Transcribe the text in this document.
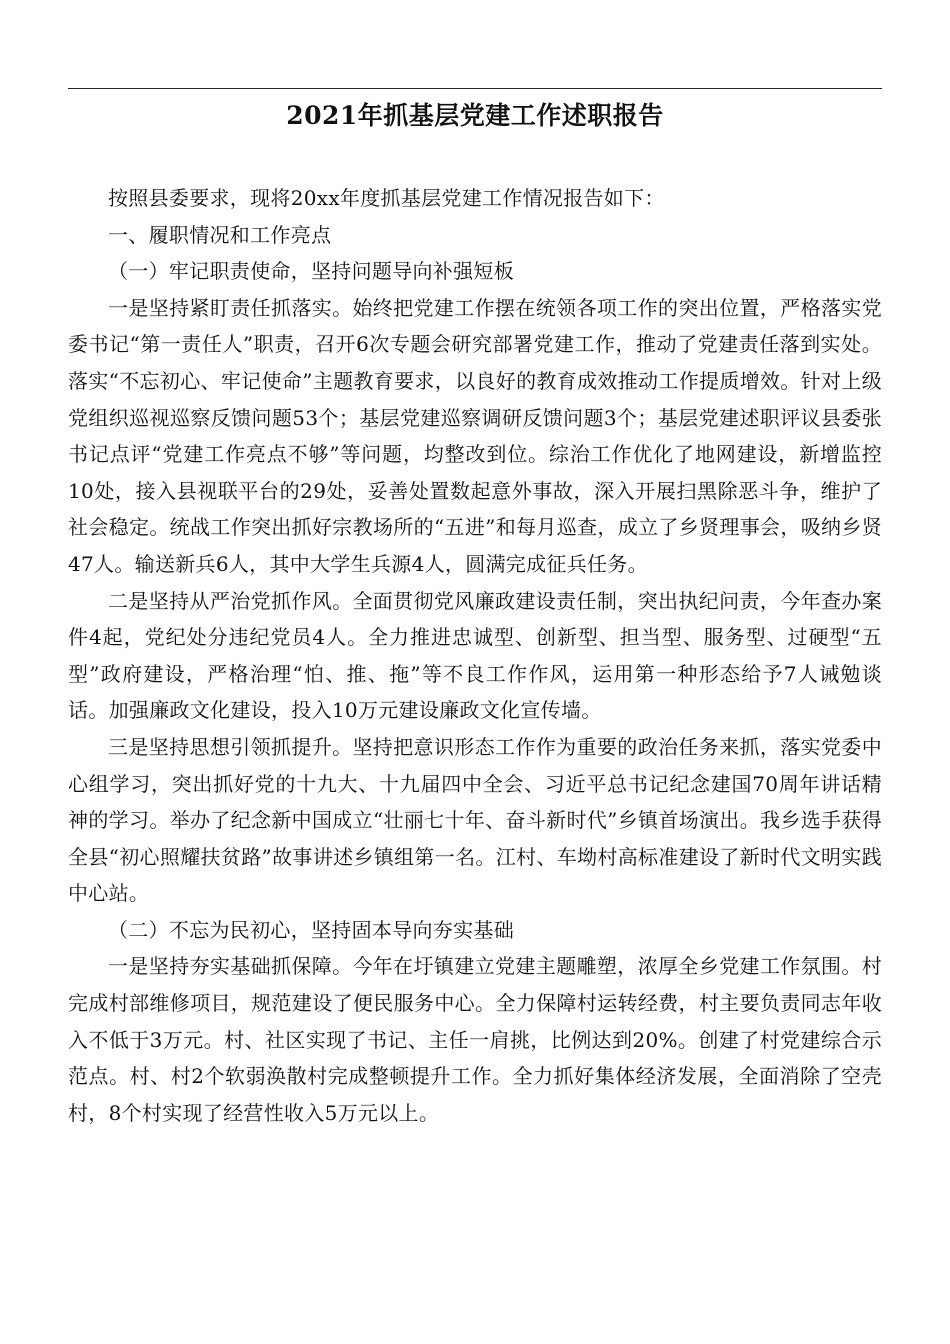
2021年抓基层党建工作述职报告

按照县委要求，现将20xx年度抓基层党建工作情况报告如下：

一、履职情况和工作亮点

（一）牢记职责使命，坚持问题导向补强短板

一是坚持紧盯责任抓落实。始终把党建工作摆在统领各项工作的突出位置，严格落实党委书记“第一责任人”职责，召开6次专题会研究部署党建工作，推动了党建责任落到实处。落实“不忘初心、牢记使命”主题教育要求，以良好的教育成效推动工作提质增效。针对上级党组织巡视巡察反馈问题53个；基层党建巡察调研反馈问题3个；基层党建述职评议县委张书记点评“党建工作亮点不够”等问题，均整改到位。综治工作优化了地网建设，新增监控10处，接入县视联平台的29处，妥善处置数起意外事故，深入开展扫黑除恶斗争，维护了社会稳定。统战工作突出抓好宗教场所的“五进”和每月巡查，成立了乡贤理事会，吸纳乡贤47人。输送新兵6人，其中大学生兵源4人，圆满完成征兵任务。

二是坚持从严治党抓作风。全面贯彻党风廉政建设责任制，突出执纪问责，今年查办案件4起，党纪处分违纪党员4人。全力推进忠诚型、创新型、担当型、服务型、过硬型“五型”政府建设，严格治理“怕、推、拖”等不良工作作风，运用第一种形态给予7人诫勉谈话。加强廉政文化建设，投入10万元建设廉政文化宣传墙。

三是坚持思想引领抓提升。坚持把意识形态工作作为重要的政治任务来抓，落实党委中心组学习，突出抓好党的十九大、十九届四中全会、习近平总书记纪念建国70周年讲话精神的学习。举办了纪念新中国成立“壮丽七十年、奋斗新时代”乡镇首场演出。我乡选手获得全县“初心照耀扶贫路”故事讲述乡镇组第一名。江村、车坳村高标准建设了新时代文明实践中心站。

（二）不忘为民初心，坚持固本导向夯实基础

一是坚持夯实基础抓保障。今年在圩镇建立党建主题雕塑，浓厚全乡党建工作氛围。村完成村部维修项目，规范建设了便民服务中心。全力保障村运转经费，村主要负责同志年收入不低于3万元。村、社区实现了书记、主任一肩挑，比例达到20%。创建了村党建综合示范点。村、村2个软弱涣散村完成整顿提升工作。全力抓好集体经济发展，全面消除了空壳村，8个村实现了经营性收入5万元以上。
